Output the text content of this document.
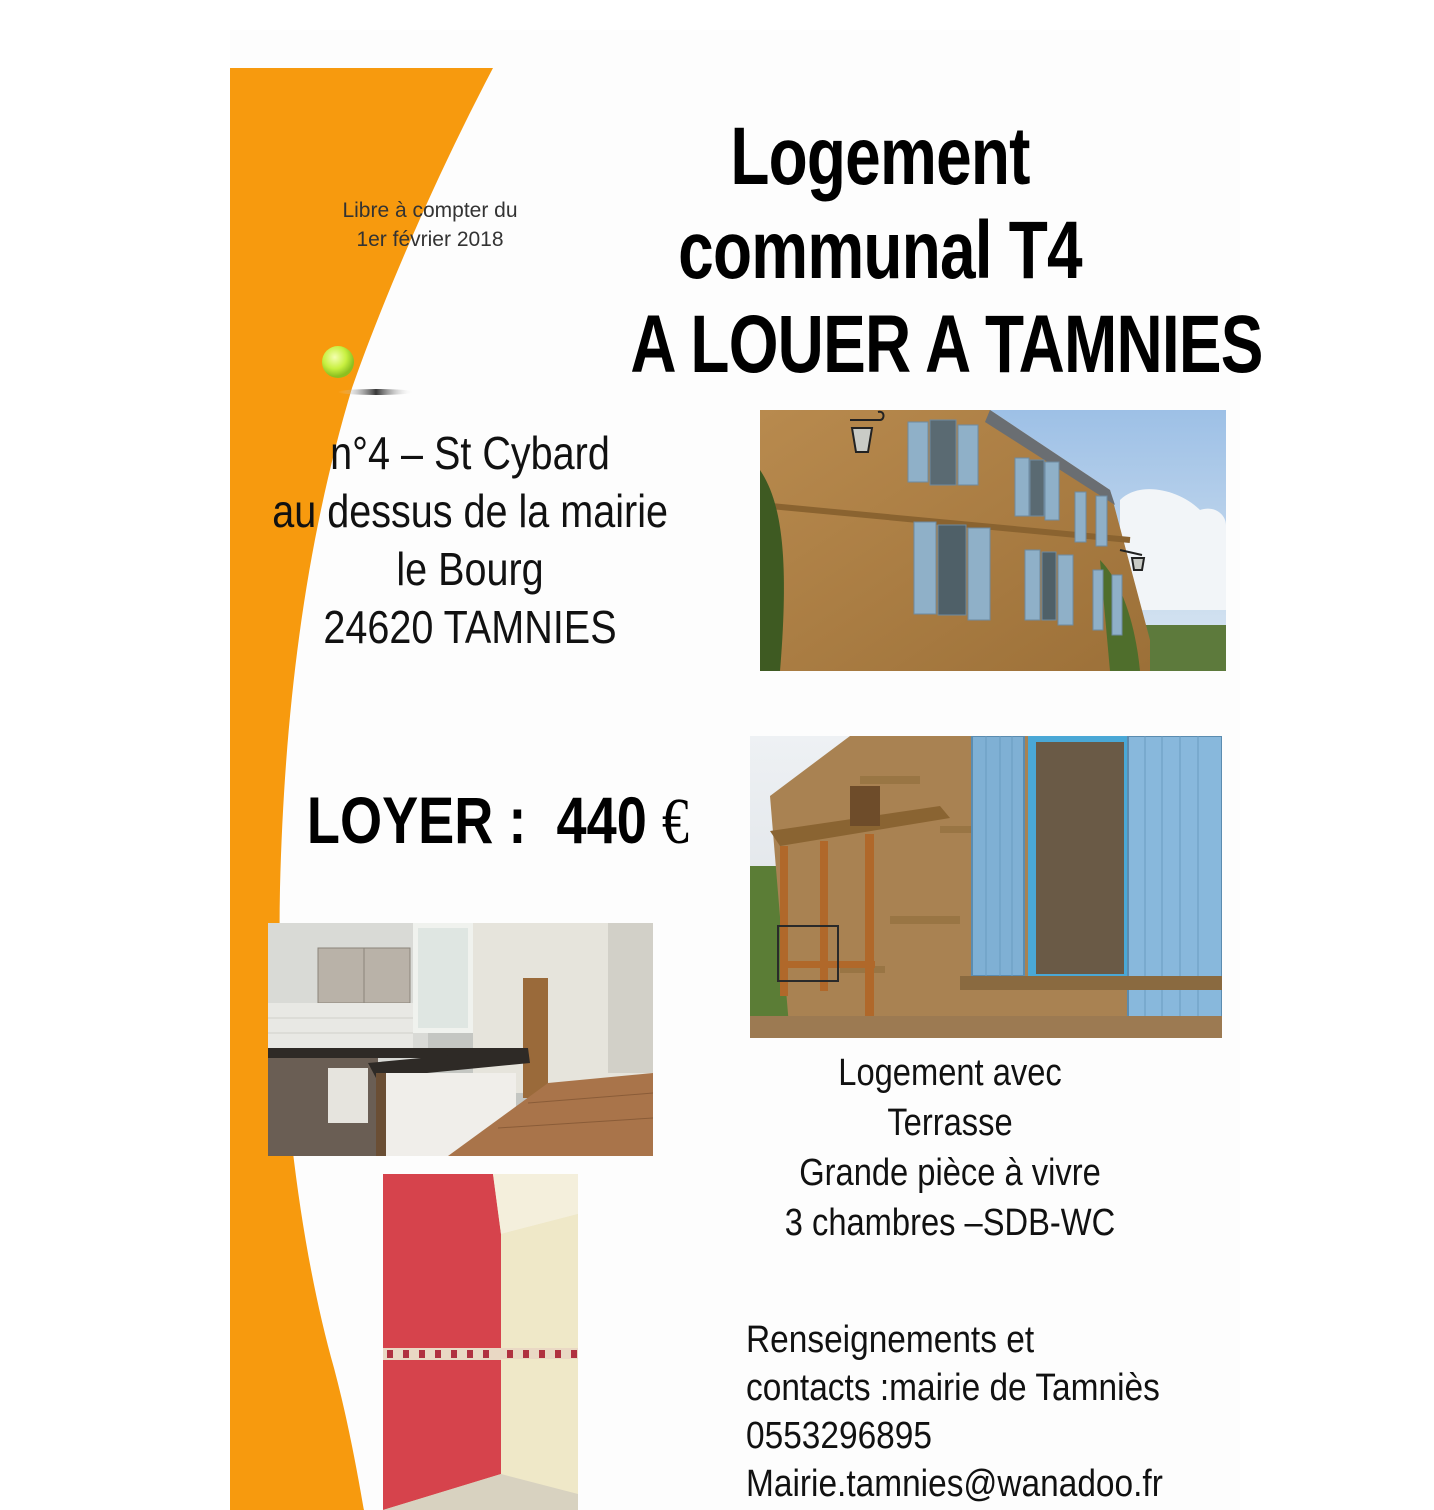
Logement
communal T4
A LOUER A TAMNIES
Libre à compter du
1er février 2018
n°4 – St Cybard
au dessus de la mairie
le Bourg
24620 TAMNIES
LOYER : 440 €
Logement avec
Terrasse
Grande pièce à vivre
3 chambres –SDB-WC
Renseignements et
contacts :mairie de Tamniès
0553296895
Mairie.tamnies@wanadoo.fr
